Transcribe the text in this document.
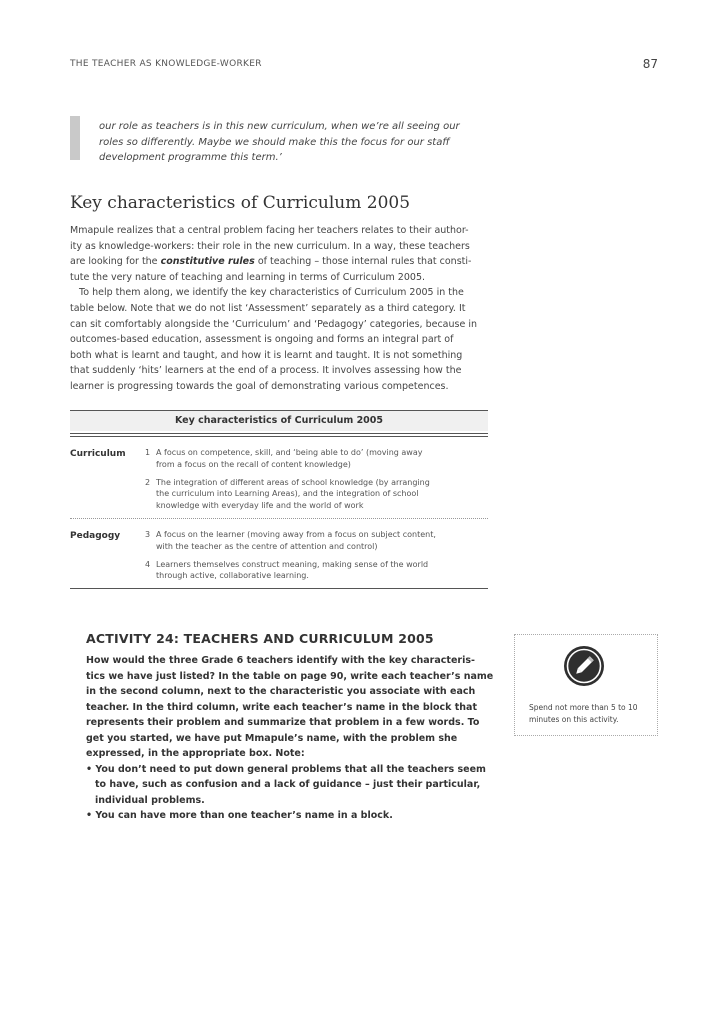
THE TEACHER AS KNOWLEDGE-WORKER	87

our role as teachers is in this new curriculum, when we’re all seeing our
roles so differently. Maybe we should make this the focus for our staff
development programme this term.’

Key characteristics of Curriculum 2005

Mmapule realizes that a central problem facing her teachers relates to their author-
ity as knowledge-workers: their role in the new curriculum. In a way, these teachers
are looking for the constitutive rules of teaching – those internal rules that consti-
tute the very nature of teaching and learning in terms of Curriculum 2005.
To help them along, we identify the key characteristics of Curriculum 2005 in the
table below. Note that we do not list ‘Assessment’ separately as a third category. It
can sit comfortably alongside the ‘Curriculum’ and ‘Pedagogy’ categories, because in
outcomes-based education, assessment is ongoing and forms an integral part of
both what is learnt and taught, and how it is learnt and taught. It is not something
that suddenly ‘hits’ learners at the end of a process. It involves assessing how the
learner is progressing towards the goal of demonstrating various competences.

Key characteristics of Curriculum 2005
Curriculum 1 A focus on competence, skill, and ‘being able to do’ (moving away
from a focus on the recall of content knowledge)
2 The integration of different areas of school knowledge (by arranging
the curriculum into Learning Areas), and the integration of school
knowledge with everyday life and the world of work
Pedagogy	3 A focus on the learner (moving away from a focus on subject content,
with the teacher as the centre of attention and control)
4 Learners themselves construct meaning, making sense of the world
through active, collaborative learning.
ACTIVITY 24: TEACHERS AND CURRICULUM 2005

How would the three Grade 6 teachers identify with the key characteris-
tics we have just listed? In the table on page 90, write each teacher’s name
in the second column, next to the characteristic you associate with each
teacher. In the third column, write each teacher’s name in the block that
represents their problem and summarize that problem in a few words. To
get you started, we have put Mmapule’s name, with the problem she
expressed, in the appropriate box. Note:
• You don’t need to put down general problems that all the teachers seem
to have, such as confusion and a lack of guidance – just their particular,
individual problems.
• You can have more than one teacher’s name in a block.

Spend not more than 5 to 10
minutes on this activity.
